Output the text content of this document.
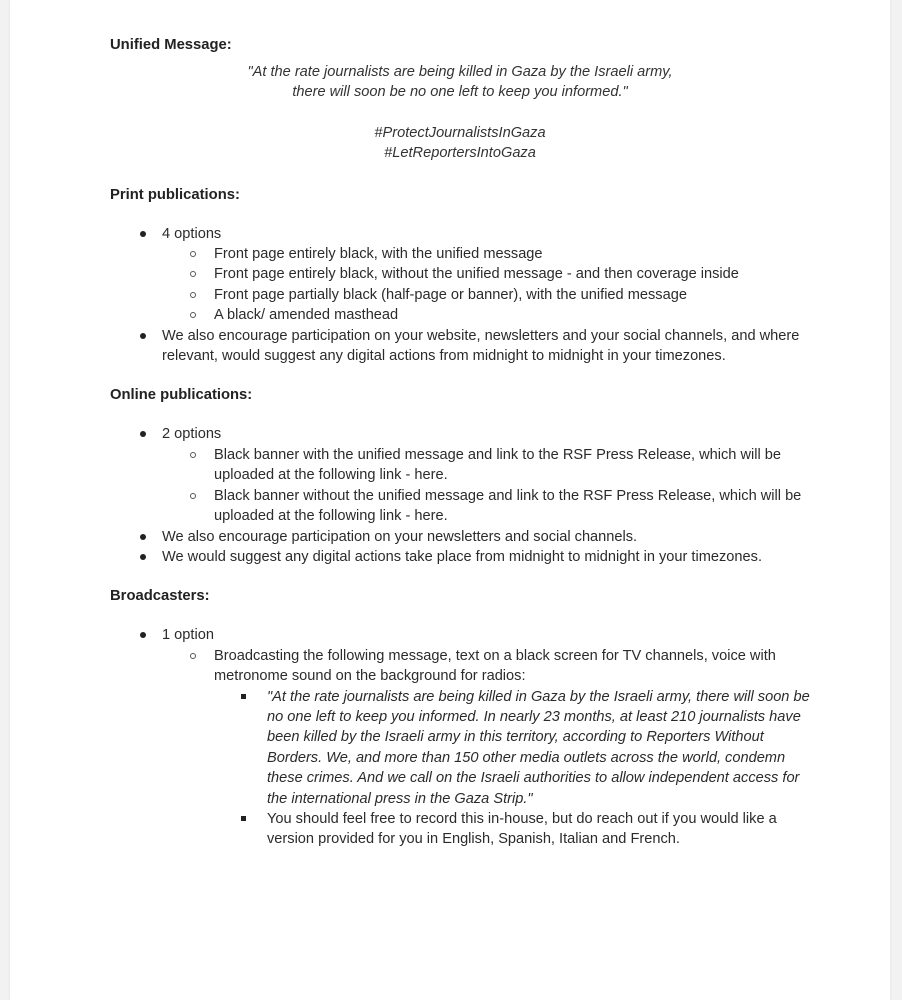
Unified Message:
"At the rate journalists are being killed in Gaza by the Israeli army,
there will soon be no one left to keep you informed."
#ProtectJournalistsInGaza
#LetReportersIntoGaza
Print publications:
4 options
Front page entirely black, with the unified message
Front page entirely black, without the unified message - and then coverage inside
Front page partially black (half-page or banner), with the unified message
A black/ amended masthead
We also encourage participation on your website, newsletters and your social channels, and where relevant, would suggest any digital actions from midnight to midnight in your timezones.
Online publications:
2 options
Black banner with the unified message and link to the RSF Press Release, which will be uploaded at the following link - here.
Black banner without the unified message and link to the RSF Press Release, which will be uploaded at the following link - here.
We also encourage participation on your newsletters and social channels.
We would suggest any digital actions take place from midnight to midnight in your timezones.
Broadcasters:
1 option
Broadcasting the following message, text on a black screen for TV channels, voice with metronome sound on the background for radios:
"At the rate journalists are being killed in Gaza by the Israeli army, there will soon be no one left to keep you informed. In nearly 23 months, at least 210 journalists have been killed by the Israeli army in this territory, according to Reporters Without Borders. We, and more than 150 other media outlets across the world, condemn these crimes. And we call on the Israeli authorities to allow independent access for the international press in the Gaza Strip."
You should feel free to record this in-house, but do reach out if you would like a version provided for you in English, Spanish, Italian and French.
